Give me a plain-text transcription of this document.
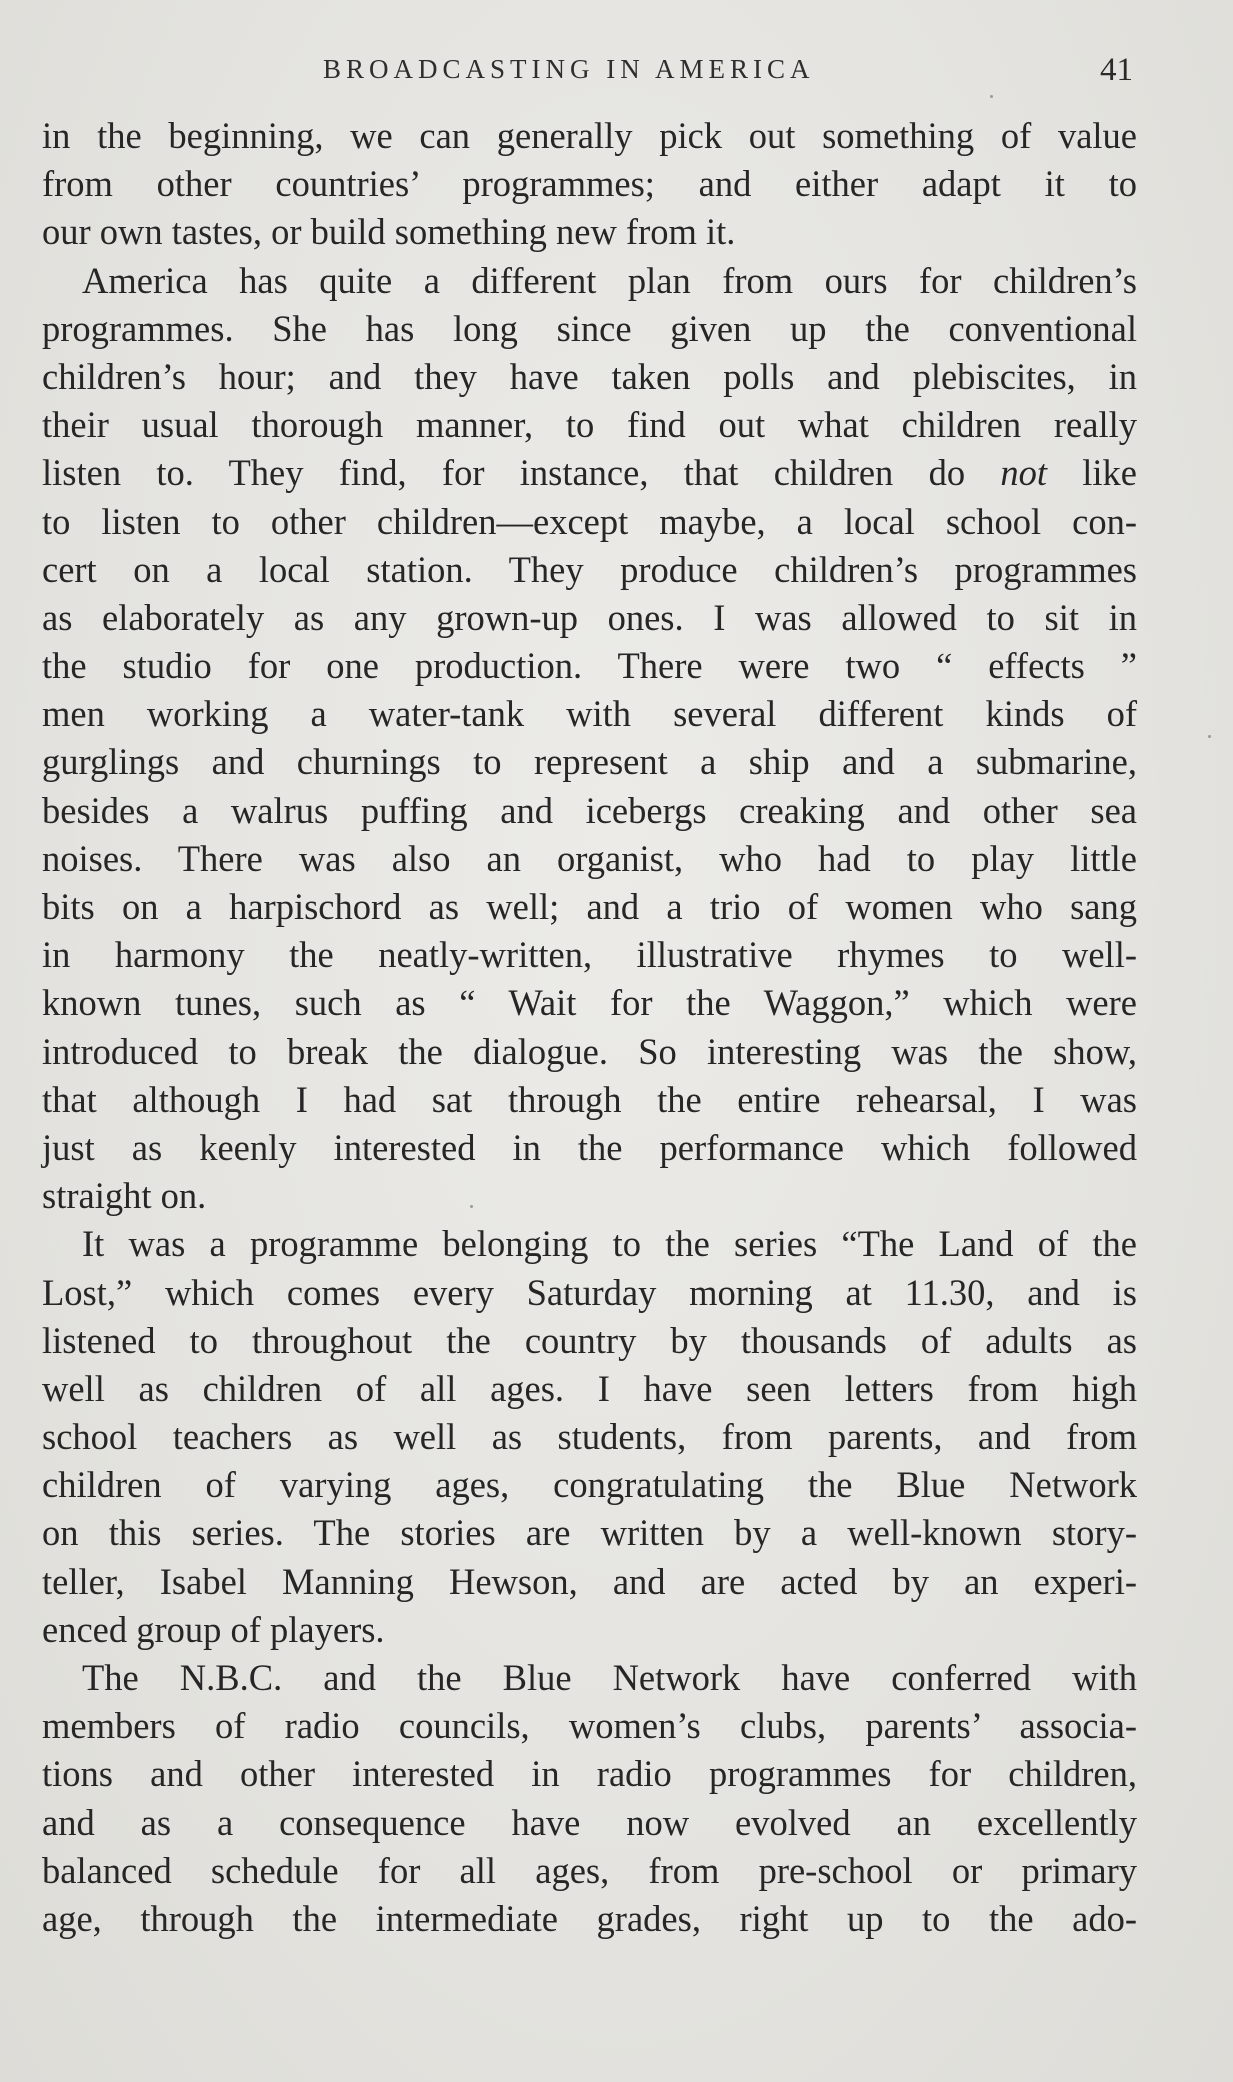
BROADCASTING IN AMERICA	41
in the beginning, we can generally pick out something of value
from other countries’ programmes; and either adapt it to
our own tastes, or build something new from it.
America has quite a different plan from ours for children’s
programmes. She has long since given up the conventional
children’s hour; and they have taken polls and plebiscites, in
their usual thorough manner, to find out what children really
listen to. They find, for instance, that children do not like
to listen to other children—except maybe, a local school con-
cert on a local station. They produce children’s programmes
as elaborately as any grown-up ones. I was allowed to sit in
the studio for one production. There were two “ effects ”
men working a water-tank with several different kinds of
gurglings and churnings to represent a ship and a submarine,
besides a walrus puffing and icebergs creaking and other sea
noises. There was also an organist, who had to play little
bits on a harpischord as well; and a trio of women who sang
in harmony the neatly-written, illustrative rhymes to well-
known tunes, such as “ Wait for the Waggon,” which were
introduced to break the dialogue. So interesting was the show,
that although I had sat through the entire rehearsal, I was
just as keenly interested in the performance which followed
straight on.
It was a programme belonging to the series “The Land of the
Lost,” which comes every Saturday morning at 11.30, and is
listened to throughout the country by thousands of adults as
well as children of all ages. I have seen letters from high
school teachers as well as students, from parents, and from
children of varying ages, congratulating the Blue Network
on this series. The stories are written by a well-known story-
teller, Isabel Manning Hewson, and are acted by an experi-
enced group of players.
The N.B.C. and the Blue Network have conferred with
members of radio councils, women’s clubs, parents’ associa-
tions and other interested in radio programmes for children,
and as a consequence have now evolved an excellently
balanced schedule for all ages, from pre-school or primary
age, through the intermediate grades, right up to the ado-
